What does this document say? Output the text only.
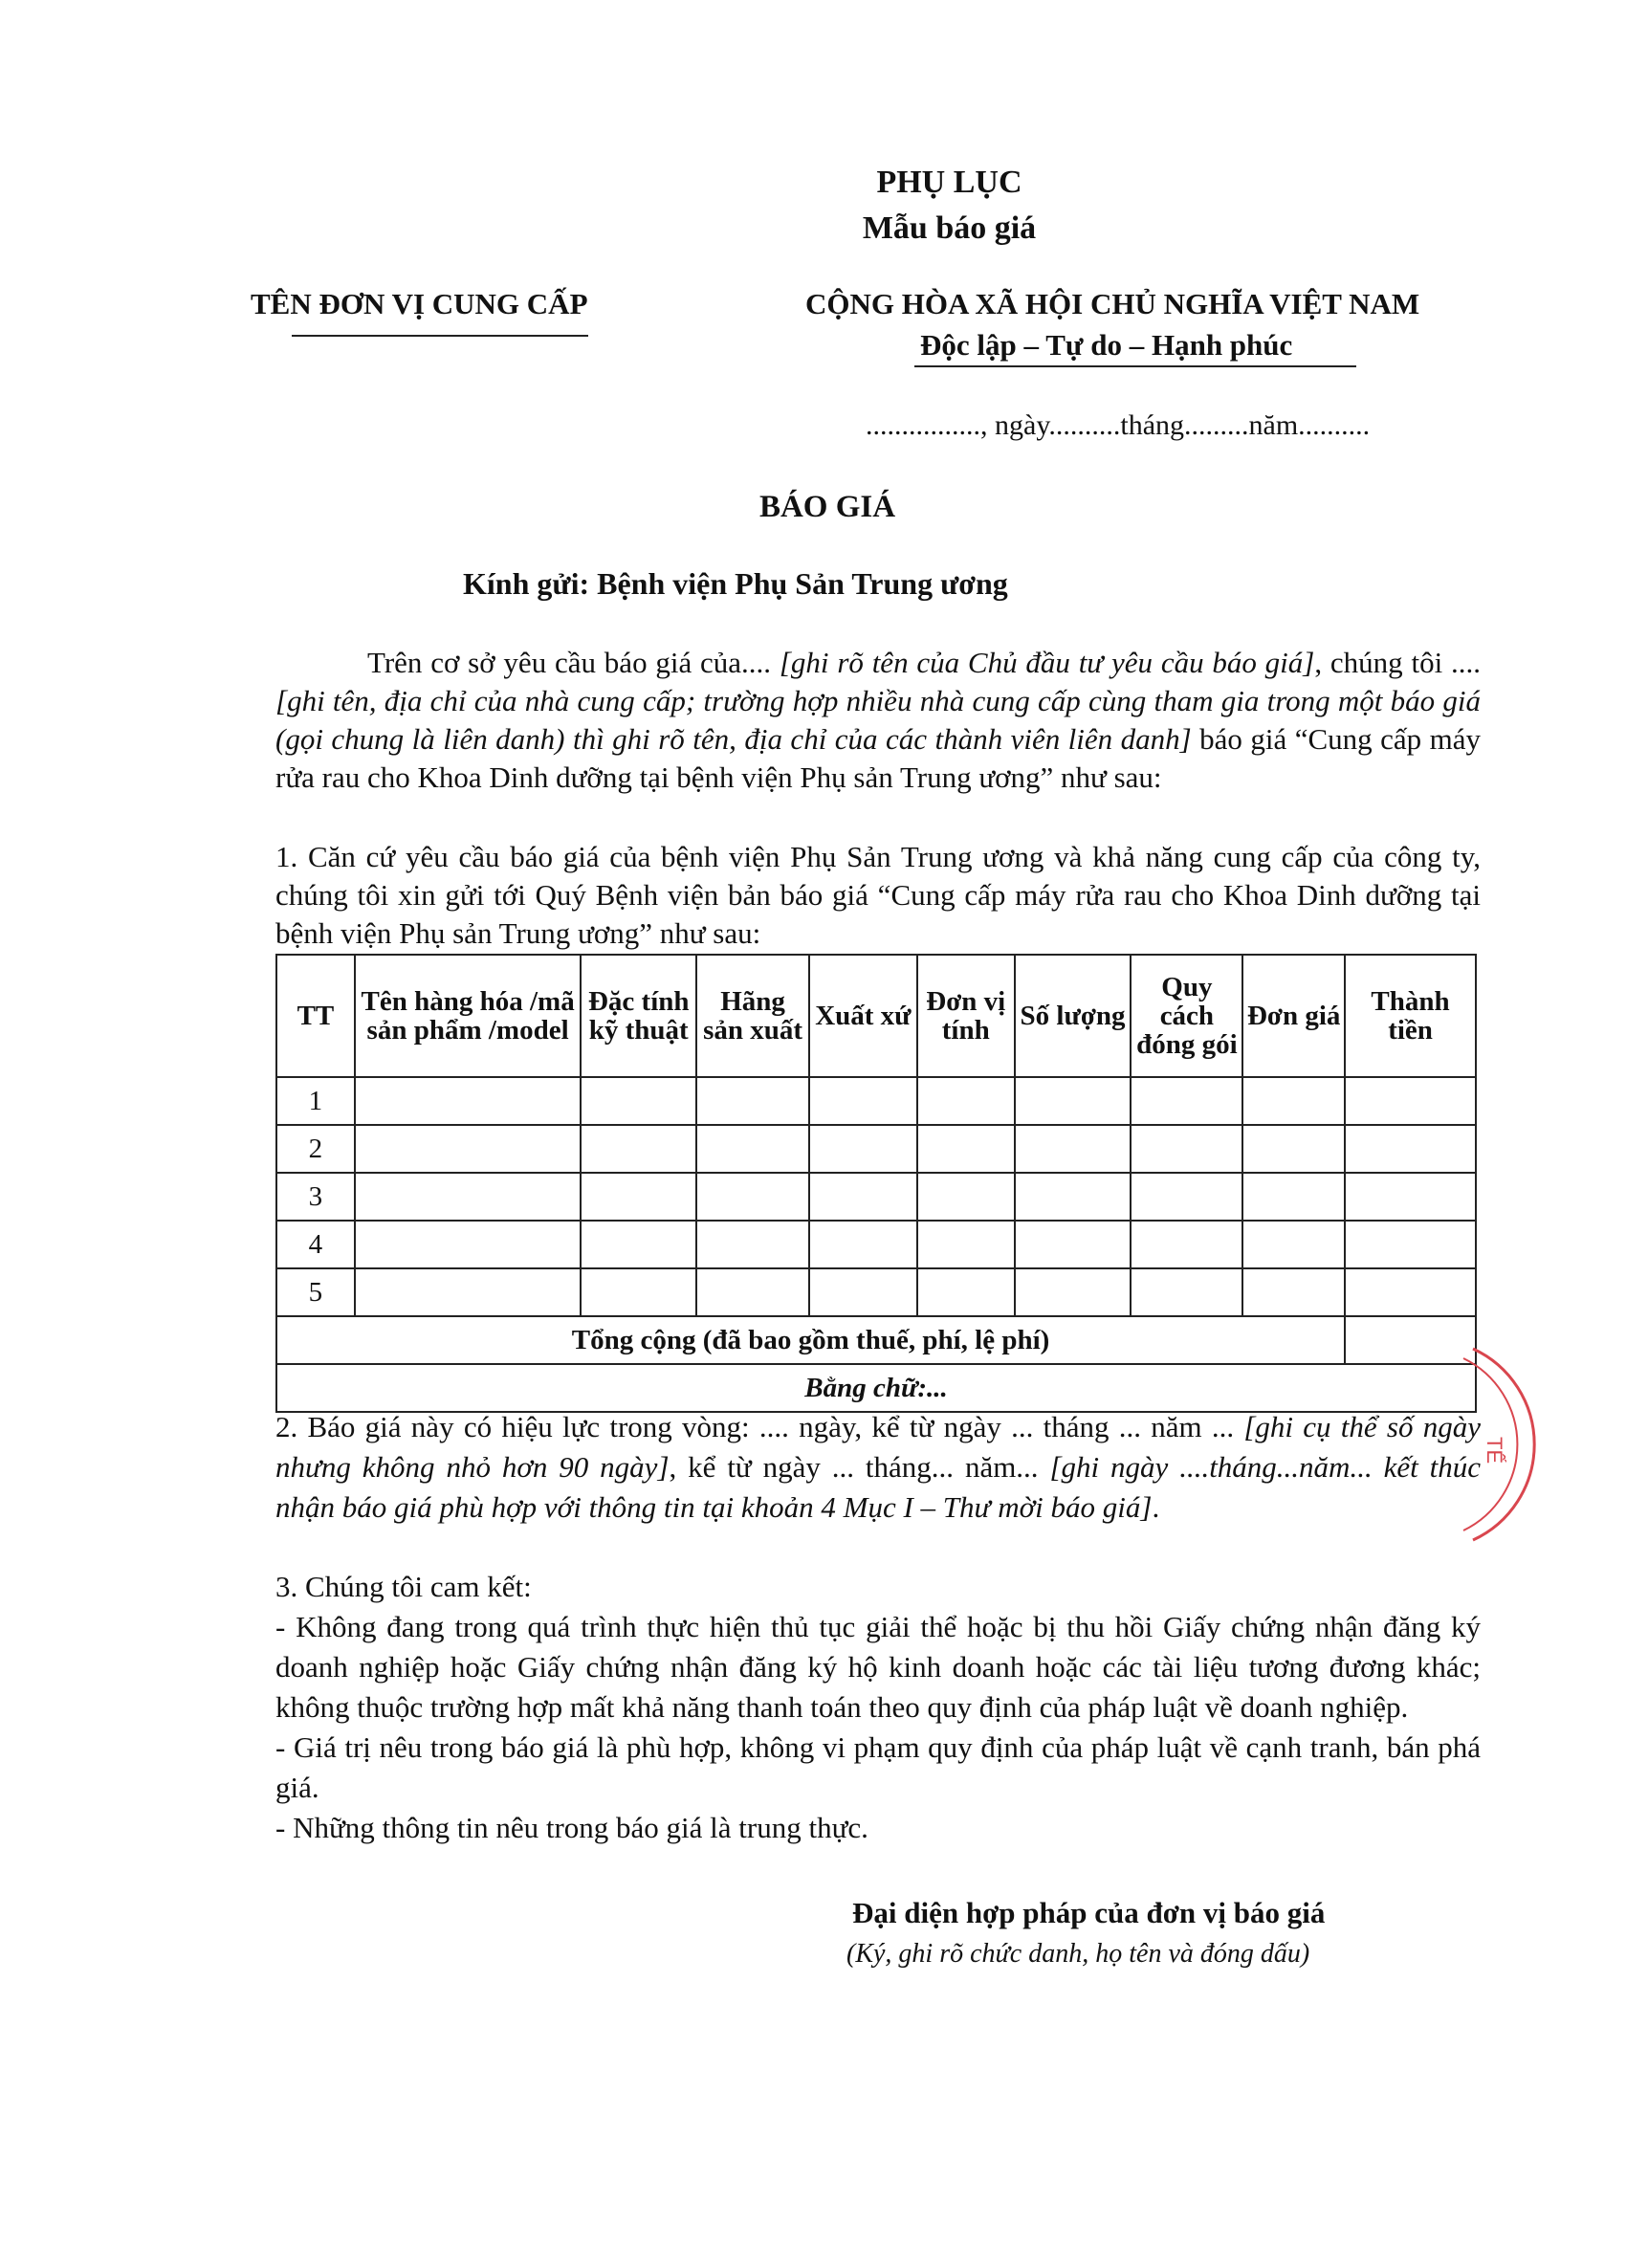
PHỤ LỤC
Mẫu báo giá
TÊN ĐƠN VỊ CUNG CẤP	CỘNG HÒA XÃ HỘI CHỦ NGHĨA VIỆT NAM
Độc lập – Tự do – Hạnh phúc
................, ngày..........tháng.........năm..........
BÁO GIÁ
Kính gửi: Bệnh viện Phụ Sản Trung ương
Trên cơ sở yêu cầu báo giá của.... [ghi rõ tên của Chủ đầu tư yêu cầu báo giá], chúng tôi .... [ghi tên, địa chỉ của nhà cung cấp; trường hợp nhiều nhà cung cấp cùng tham gia trong một báo giá (gọi chung là liên danh) thì ghi rõ tên, địa chỉ của các thành viên liên danh] báo giá “Cung cấp máy rửa rau cho Khoa Dinh dưỡng tại bệnh viện Phụ sản Trung ương” như sau:
1. Căn cứ yêu cầu báo giá của bệnh viện Phụ Sản Trung ương và khả năng cung cấp của công ty, chúng tôi xin gửi tới Quý Bệnh viện bản báo giá “Cung cấp máy rửa rau cho Khoa Dinh dưỡng tại bệnh viện Phụ sản Trung ương” như sau:
TT	Tên hàng hóa /mã sản phẩm /model	Đặc tính kỹ thuật	Hãng sản xuất	Xuất xứ	Đơn vị tính	Số lượng	Quy cách đóng gói	Đơn giá	Thành tiền
1									
2									
3									
4									
5									
Tổng cộng (đã bao gồm thuế, phí, lệ phí)									
Bằng chữ:...									
2. Báo giá này có hiệu lực trong vòng: .... ngày, kể từ ngày ... tháng ... năm ... [ghi cụ thể số ngày nhưng không nhỏ hơn 90 ngày], kể từ ngày ... tháng... năm... [ghi ngày ....tháng...năm... kết thúc nhận báo giá phù hợp với thông tin tại khoản 4 Mục I – Thư mời báo giá].
3. Chúng tôi cam kết:
- Không đang trong quá trình thực hiện thủ tục giải thể hoặc bị thu hồi Giấy chứng nhận đăng ký doanh nghiệp hoặc Giấy chứng nhận đăng ký hộ kinh doanh hoặc các tài liệu tương đương khác; không thuộc trường hợp mất khả năng thanh toán theo quy định của pháp luật về doanh nghiệp.
- Giá trị nêu trong báo giá là phù hợp, không vi phạm quy định của pháp luật về cạnh tranh, bán phá giá.
- Những thông tin nêu trong báo giá là trung thực.
Đại diện hợp pháp của đơn vị báo giá
(Ký, ghi rõ chức danh, họ tên và đóng dấu)
TẾ
